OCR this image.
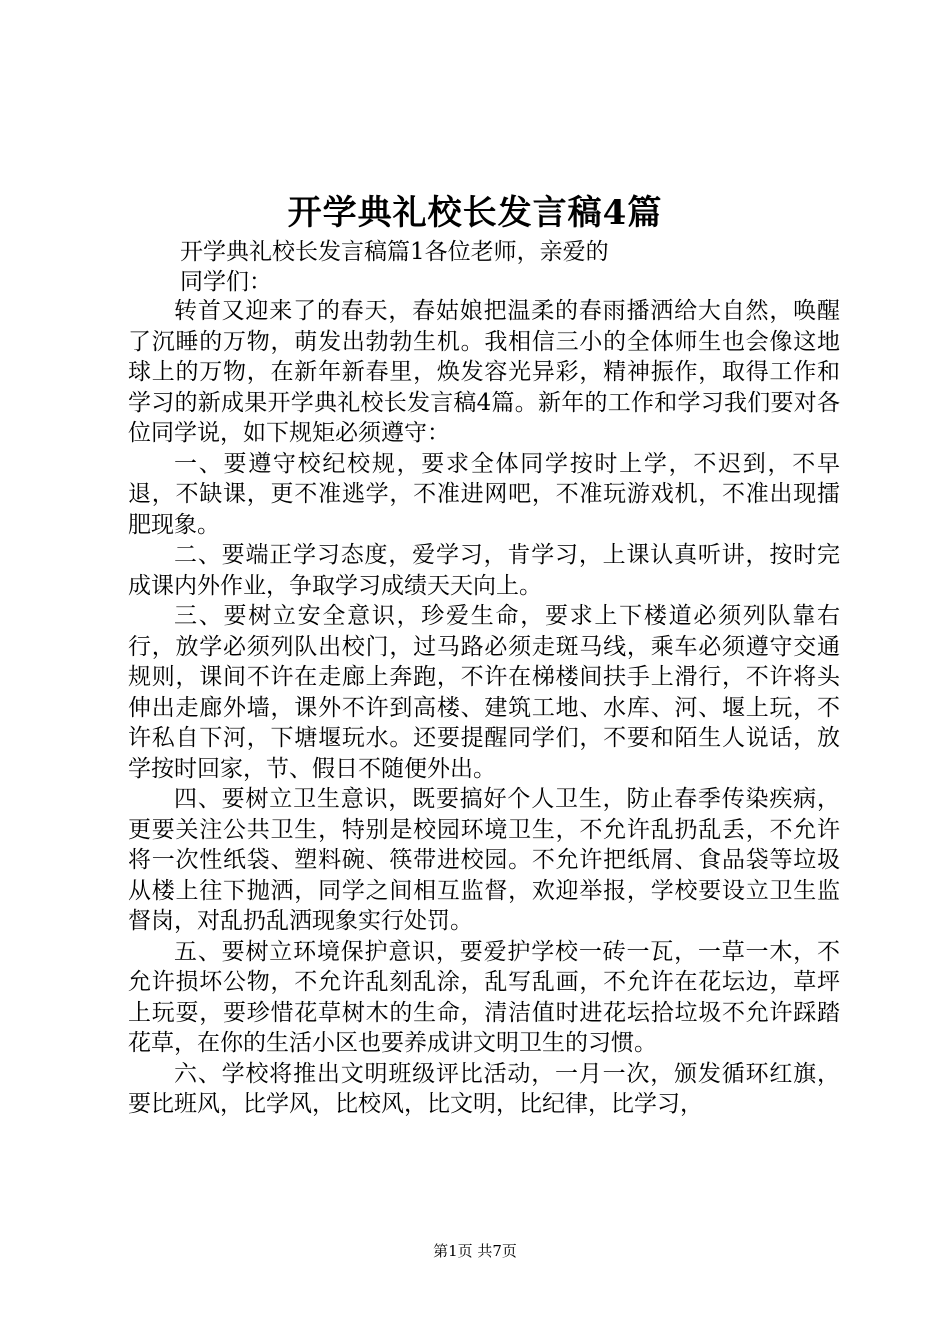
开学典礼校长发言稿4篇
开学典礼校长发言稿篇1各位老师，亲爱的
同学们：

转首又迎来了的春天，春姑娘把温柔的春雨播洒给大自然，唤醒了沉睡的万物，萌发出勃勃生机。我相信三小的全体师生也会像这地球上的万物，在新年新春里，焕发容光异彩，精神振作，取得工作和学习的新成果开学典礼校长发言稿4篇。新年的工作和学习我们要对各位同学说，如下规矩必须遵守：

一、要遵守校纪校规，要求全体同学按时上学，不迟到，不早退，不缺课，更不准逃学，不准进网吧，不准玩游戏机，不准出现擂肥现象。

二、要端正学习态度，爱学习，肯学习，上课认真听讲，按时完成课内外作业，争取学习成绩天天向上。

三、要树立安全意识，珍爱生命，要求上下楼道必须列队靠右行，放学必须列队出校门，过马路必须走斑马线，乘车必须遵守交通规则，课间不许在走廊上奔跑，不许在梯楼间扶手上滑行，不许将头伸出走廊外墙，课外不许到高楼、建筑工地、水库、河、堰上玩，不许私自下河，下塘堰玩水。还要提醒同学们，不要和陌生人说话，放学按时回家，节、假日不随便外出。

四、要树立卫生意识，既要搞好个人卫生，防止春季传染疾病，更要关注公共卫生，特别是校园环境卫生，不允许乱扔乱丢，不允许将一次性纸袋、塑料碗、筷带进校园。不允许把纸屑、食品袋等垃圾从楼上往下抛洒，同学之间相互监督，欢迎举报，学校要设立卫生监督岗，对乱扔乱洒现象实行处罚。

五、要树立环境保护意识，要爱护学校一砖一瓦，一草一木，不允许损坏公物，不允许乱刻乱涂，乱写乱画，不允许在花坛边，草坪上玩耍，要珍惜花草树木的生命，清洁值时进花坛拾垃圾不允许踩踏花草，在你的生活小区也要养成讲文明卫生的习惯。

六、学校将推出文明班级评比活动，一月一次，颁发循环红旗，要比班风，比学风，比校风，比文明，比纪律，比学习，

第1页 共7页
